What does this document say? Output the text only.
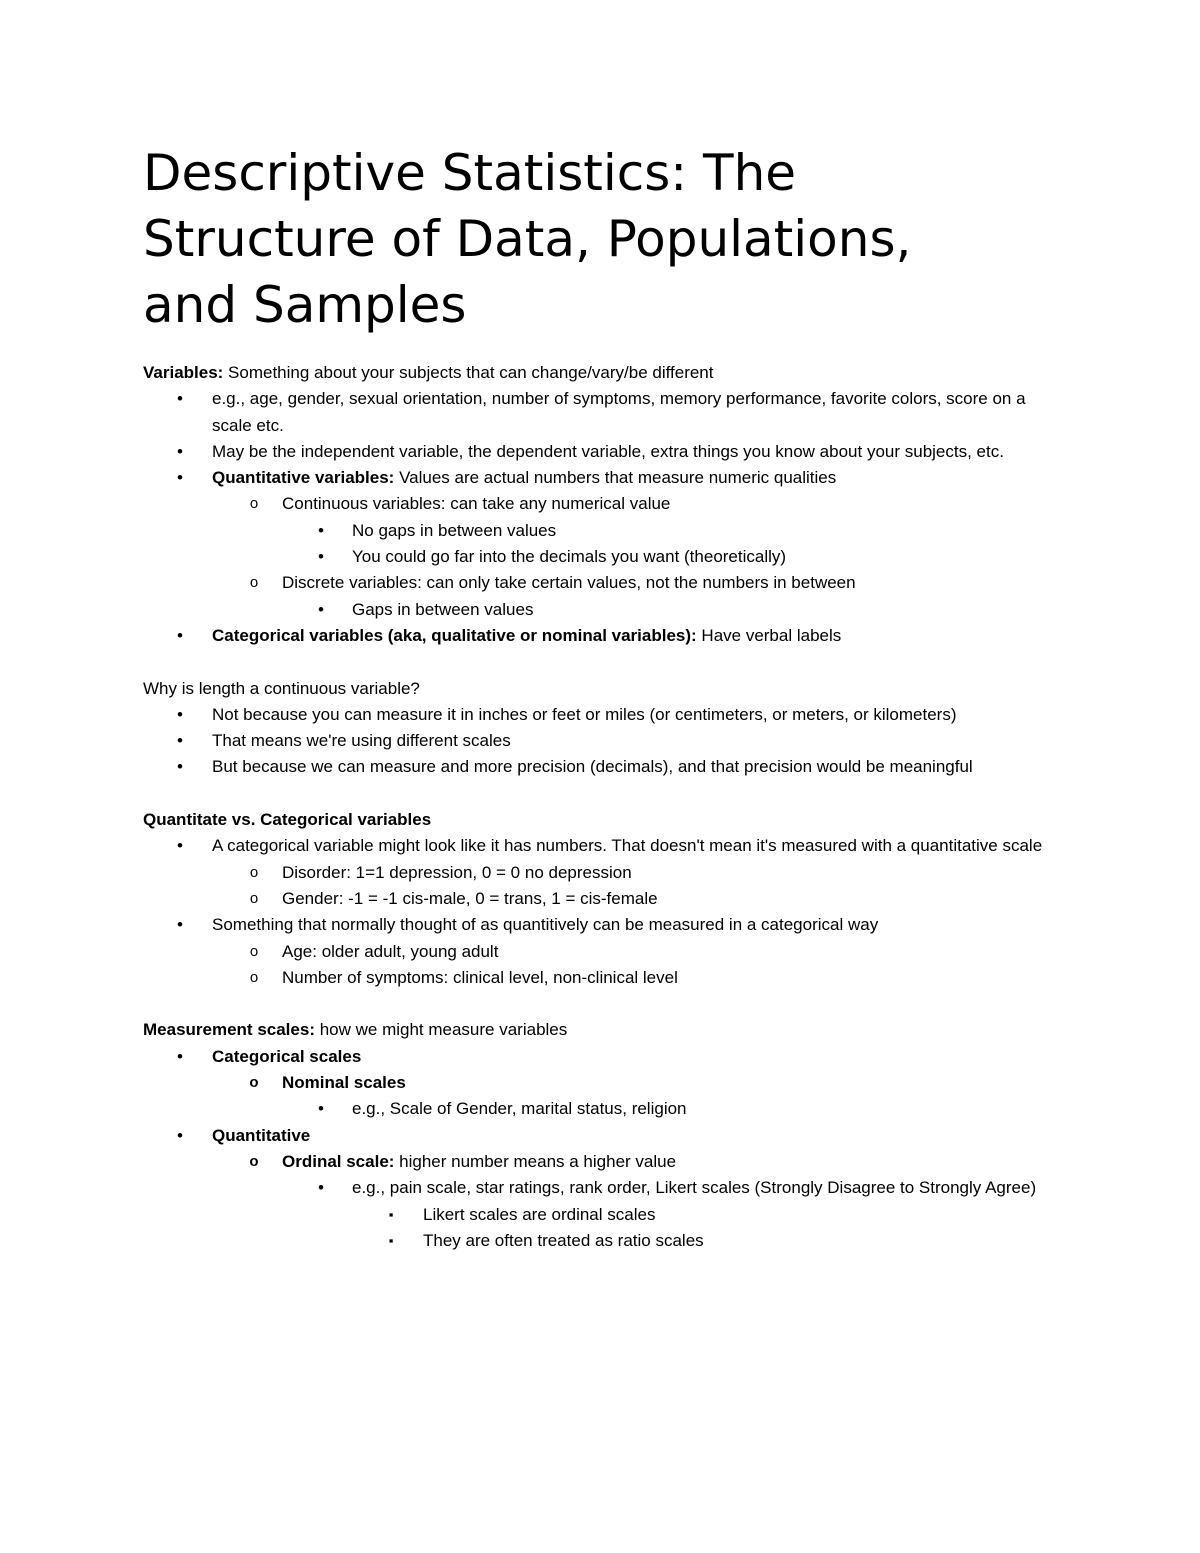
Descriptive Statistics: The
Structure of Data, Populations,
and Samples

Variables: Something about your subjects that can change/vary/be different

• e.g., age, gender, sexual orientation, number of symptoms, memory performance, favorite colors, score on a scale etc.
• May be the independent variable, the dependent variable, extra things you know about your subjects, etc.
• Quantitative variables: Values are actual numbers that measure numeric qualities
o Continuous variables: can take any numerical value
• No gaps in between values
• You could go far into the decimals you want (theoretically)
o Discrete variables: can only take certain values, not the numbers in between
• Gaps in between values
• Categorical variables (aka, qualitative or nominal variables): Have verbal labels

Why is length a continuous variable?

• Not because you can measure it in inches or feet or miles (or centimeters, or meters, or kilometers)
• That means we're using different scales
• But because we can measure and more precision (decimals), and that precision would be meaningful

Quantitate vs. Categorical variables

• A categorical variable might look like it has numbers. That doesn't mean it's measured with a quantitative scale
o Disorder: 1=1 depression, 0 = 0 no depression
o Gender: -1 = -1 cis-male, 0 = trans, 1 = cis-female
• Something that normally thought of as quantitively can be measured in a categorical way
o Age: older adult, young adult
o Number of symptoms: clinical level, non-clinical level

Measurement scales: how we might measure variables

• Categorical scales
o Nominal scales
• e.g., Scale of Gender, marital status, religion
• Quantitative
o Ordinal scale: higher number means a higher value
• e.g., pain scale, star ratings, rank order, Likert scales (Strongly Disagree to Strongly Agree)
▪ Likert scales are ordinal scales
▪ They are often treated as ratio scales
